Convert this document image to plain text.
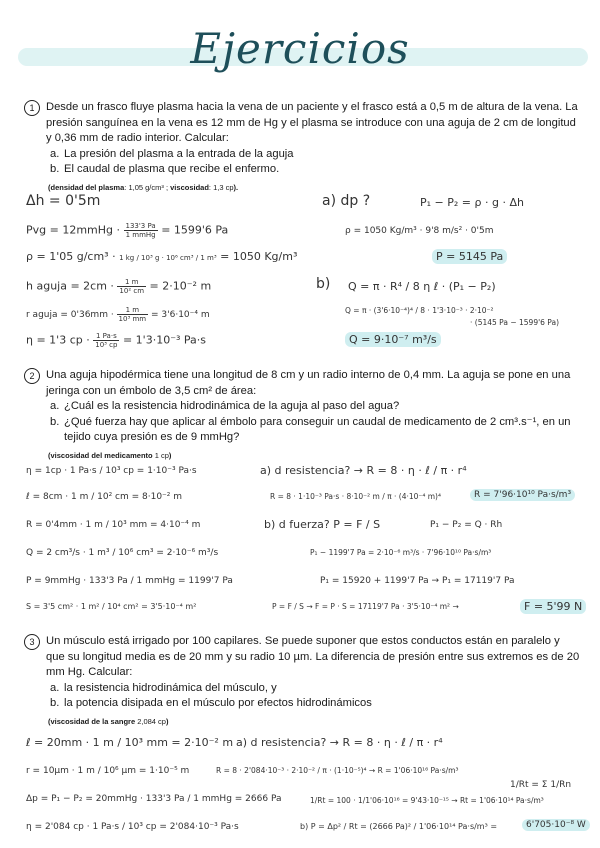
Ejercicios
1	Desde un frasco fluye plasma hacia la vena de un paciente y el frasco está a 0,5 m de altura de la vena. La presión sanguínea en la vena es 12 mm de Hg y el plasma se introduce con una aguja de 2 cm de longitud y 0,36 mm de radio interior. Calcular:
a. La presión del plasma a la entrada de la aguja
b. El caudal de plasma que recibe el enfermo.
(densidad del plasma: 1,05 g/cm³ ; viscosidad: 1,3 cp).
Δh = 0'5m	a) dp ?	P₁ − P₂ = ρ · g · Δh
Pvg = 12mmHg · $\frac{133'3 Pa}{\text{1 mmHg}} = 1599'6$ Pa	ρ = 1050 Kg/m³ · 9'8 m/s² · 0'5m
ρ = 1'05 g/cm³ · 1 kg / 10³ g · 10⁶ cm³ / 1 m³ = 1050 Kg/m³	P = 5145 Pa
h aguja = $2cm \cdot \frac{1 m}{\text{10² cm}} = 2\cdot 10^{-2}$ m	b) Q = π · R⁴ / 8 η ℓ · (P₁ − P₂)
r aguja = $0'36mm \cdot \frac{1 m}{\text{10³ mm}} = 3'6\cdot 10^{-4}$ m	Q = π · (3'6·10⁻⁴)⁴ / 8 · 1'3·10⁻³ · 2·10⁻²
· (5145 Pa − 1599'6 Pa)
η = 1'3 cp · $\frac{1 Pa\cdot s}{\text{10³ cp}} = 1'3\cdot 10^{-3}$ Pa·s	Q = 9·10⁻⁷ m³/s
2	Una aguja hipodérmica tiene una longitud de 8 cm y un radio interno de 0,4 mm. La aguja se pone en una jeringa con un émbolo de 3,5 cm² de área:
a. ¿Cuál es la resistencia hidrodinámica de la aguja al paso del agua?
b. ¿Qué fuerza hay que aplicar al émbolo para conseguir un caudal de medicamento de 2 cm³.s⁻¹, en un tejido cuya presión es de 9 mmHg?
(viscosidad del medicamento 1 cp)
η = 1cp · 1 Pa·s / 10³ cp = 1·10⁻³ Pa·s	a) d resistencia? → R = 8 · η · ℓ / π · r⁴
ℓ = 8cm · 1 m / 10² cm = 8·10⁻² m	R = 8 · 1·10⁻³ Pa·s · 8·10⁻² m / π · (4·10⁻⁴ m)⁴	R = 7'96·10¹⁰ Pa·s/m³
R = 0'4mm · 1 m / 10³ mm = 4·10⁻⁴ m	b) d fuerza? P = F / S	P₁ − P₂ = Q · Rh
Q = 2 cm³/s · 1 m³ / 10⁶ cm³ = 2·10⁻⁶ m³/s	P₁ − 1199'7 Pa = 2·10⁻⁶ m³/s · 7'96·10¹⁰ Pa·s/m³
P = 9mmHg · 133'3 Pa / 1 mmHg = 1199'7 Pa	P₁ = 15920 + 1199'7 Pa → P₁ = 17119'7 Pa
S = 3'5 cm² · 1 m² / 10⁴ cm² = 3'5·10⁻⁴ m²	P = F / S → F = P · S = 17119'7 Pa · 3'5·10⁻⁴ m² →	F = 5'99 N
3	Un músculo está irrigado por 100 capilares. Se puede suponer que estos conductos están en paralelo y que su longitud media es de 20 mm y su radio 10 µm. La diferencia de presión entre sus extremos es de 20 mm Hg. Calcular:
a. la resistencia hidrodinámica del músculo, y
b. la potencia disipada en el músculo por efectos hidrodinámicos
(viscosidad de la sangre 2,084 cp)
ℓ = 20mm · 1 m / 10³ mm = 2·10⁻² m a) d resistencia? → R = 8 · η · ℓ / π · r⁴
r = 10µm · 1 m / 10⁶ µm = 1·10⁻⁵ m	R = 8 · 2'084·10⁻³ · 2·10⁻² / π · (1·10⁻⁵)⁴ → R = 1'06·10¹⁶ Pa·s/m³
1/Rt = Σ 1/Rn
Δp = P₁ − P₂ = 20mmHg · 133'3 Pa / 1 mmHg = 2666 Pa	1/Rt = 100 · 1/1'06·10¹⁶ = 9'43·10⁻¹⁵ → Rt = 1'06·10¹⁴ Pa·s/m³
η = 2'084 cp · 1 Pa·s / 10³ cp = 2'084·10⁻³ Pa·s	b) P = Δp² / Rt = (2666 Pa)² / 1'06·10¹⁴ Pa·s/m³ =	6'705·10⁻⁸ W
